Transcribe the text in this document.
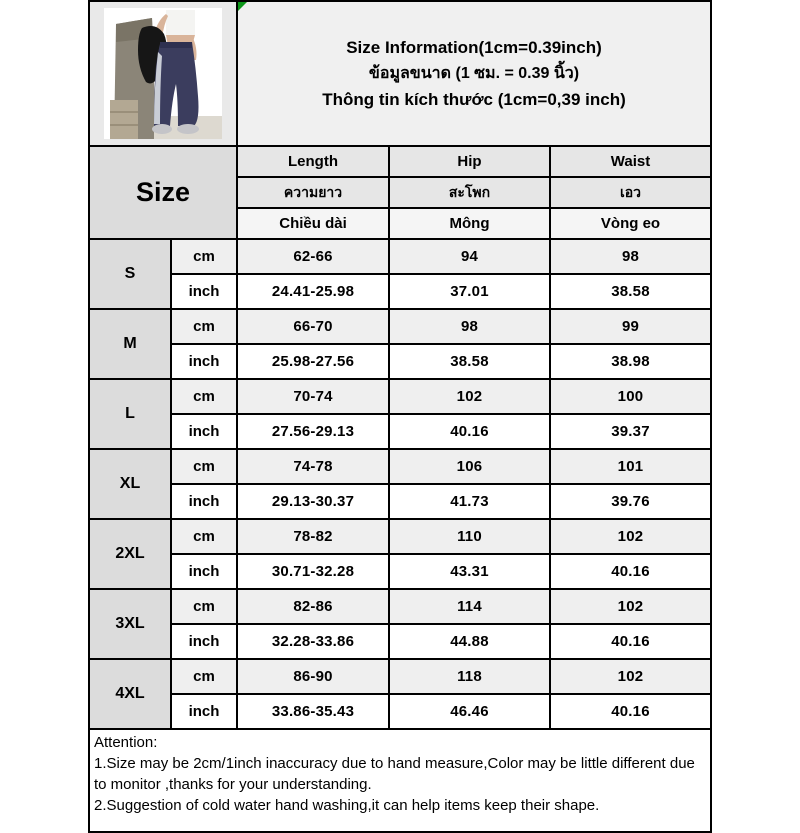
Size Information(1cm=0.39inch)
ข้อมูลขนาด (1 ซม. = 0.39 นิ้ว)
Thông tin kích thước (1cm=0,39 inch)		

Size		Length	Hip	Waist
		ความยาว	สะโพก	เอว
		Chiều dài	Mông	Vòng eo
S	cm	62-66	94	98
	inch	24.41-25.98	37.01	38.58
M	cm	66-70	98	99
	inch	25.98-27.56	38.58	38.98
L	cm	70-74	102	100
	inch	27.56-29.13	40.16	39.37
XL	cm	74-78	106	101
	inch	29.13-30.37	41.73	39.76
2XL	cm	78-82	110	102
	inch	30.71-32.28	43.31	40.16
3XL	cm	82-86	114	102
	inch	32.28-33.86	44.88	40.16
4XL	cm	86-90	118	102
	inch	33.86-35.43	46.46	40.16

Attention:
1.Size may be 2cm/1inch inaccuracy due to hand measure,Color may be little different due to monitor ,thanks for your understanding.
2.Suggestion of cold water hand washing,it can help items keep their shape.				
